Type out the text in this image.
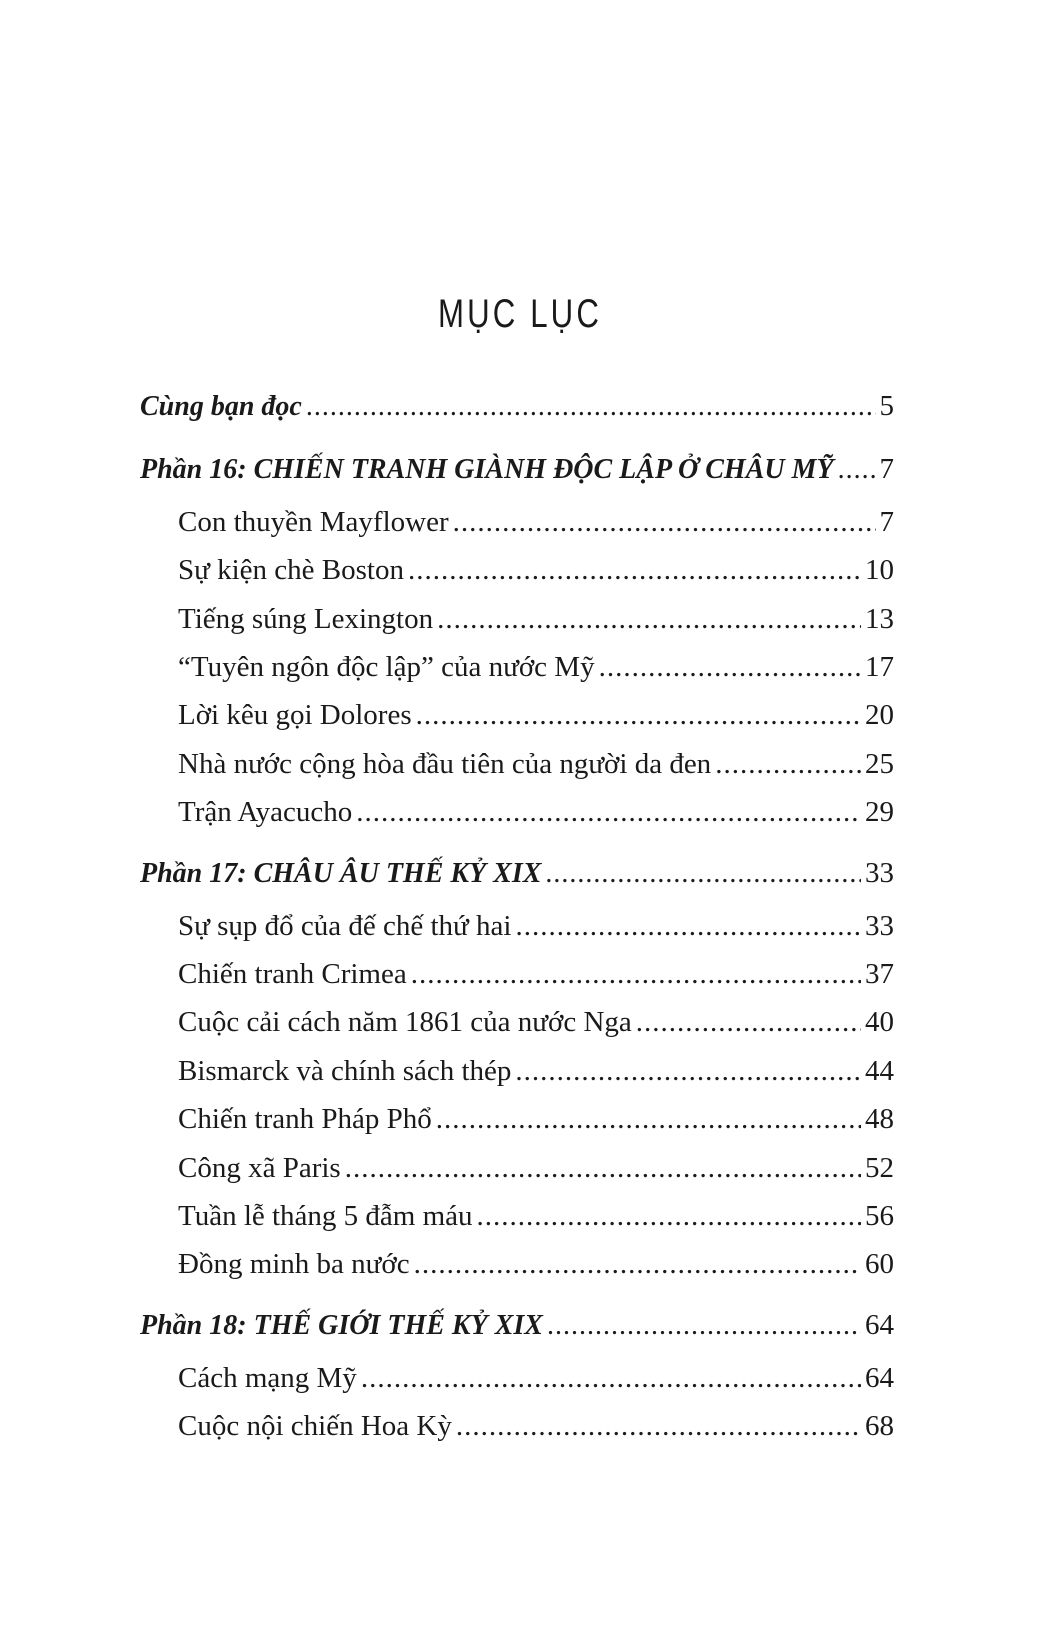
MỤC LỤC
Cùng bạn đọc .....	5
Phần 16: CHIẾN TRANH GIÀNH ĐỘC LẬP Ở CHÂU MỸ ..... 7
Con thuyền Mayflower .....	7
Sự kiện chè Boston .....	10
Tiếng súng Lexington .....	13
“Tuyên ngôn độc lập” của nước Mỹ .....	17
Lời kêu gọi Dolores .....	20
Nhà nước cộng hòa đầu tiên của người da đen .....	25
Trận Ayacucho .....	29
Phần 17: CHÂU ÂU THẾ KỶ XIX .....	33
Sự sụp đổ của đế chế thứ hai .....	33
Chiến tranh Crimea .....	37
Cuộc cải cách năm 1861 của nước Nga .....	40
Bismarck và chính sách thép .....	44
Chiến tranh Pháp Phổ .....	48
Công xã Paris .....	52
Tuần lễ tháng 5 đẫm máu .....	56
Đồng minh ba nước .....	60
Phần 18: THẾ GIỚI THẾ KỶ XIX .....	64
Cách mạng Mỹ .....	64
Cuộc nội chiến Hoa Kỳ .....	68
